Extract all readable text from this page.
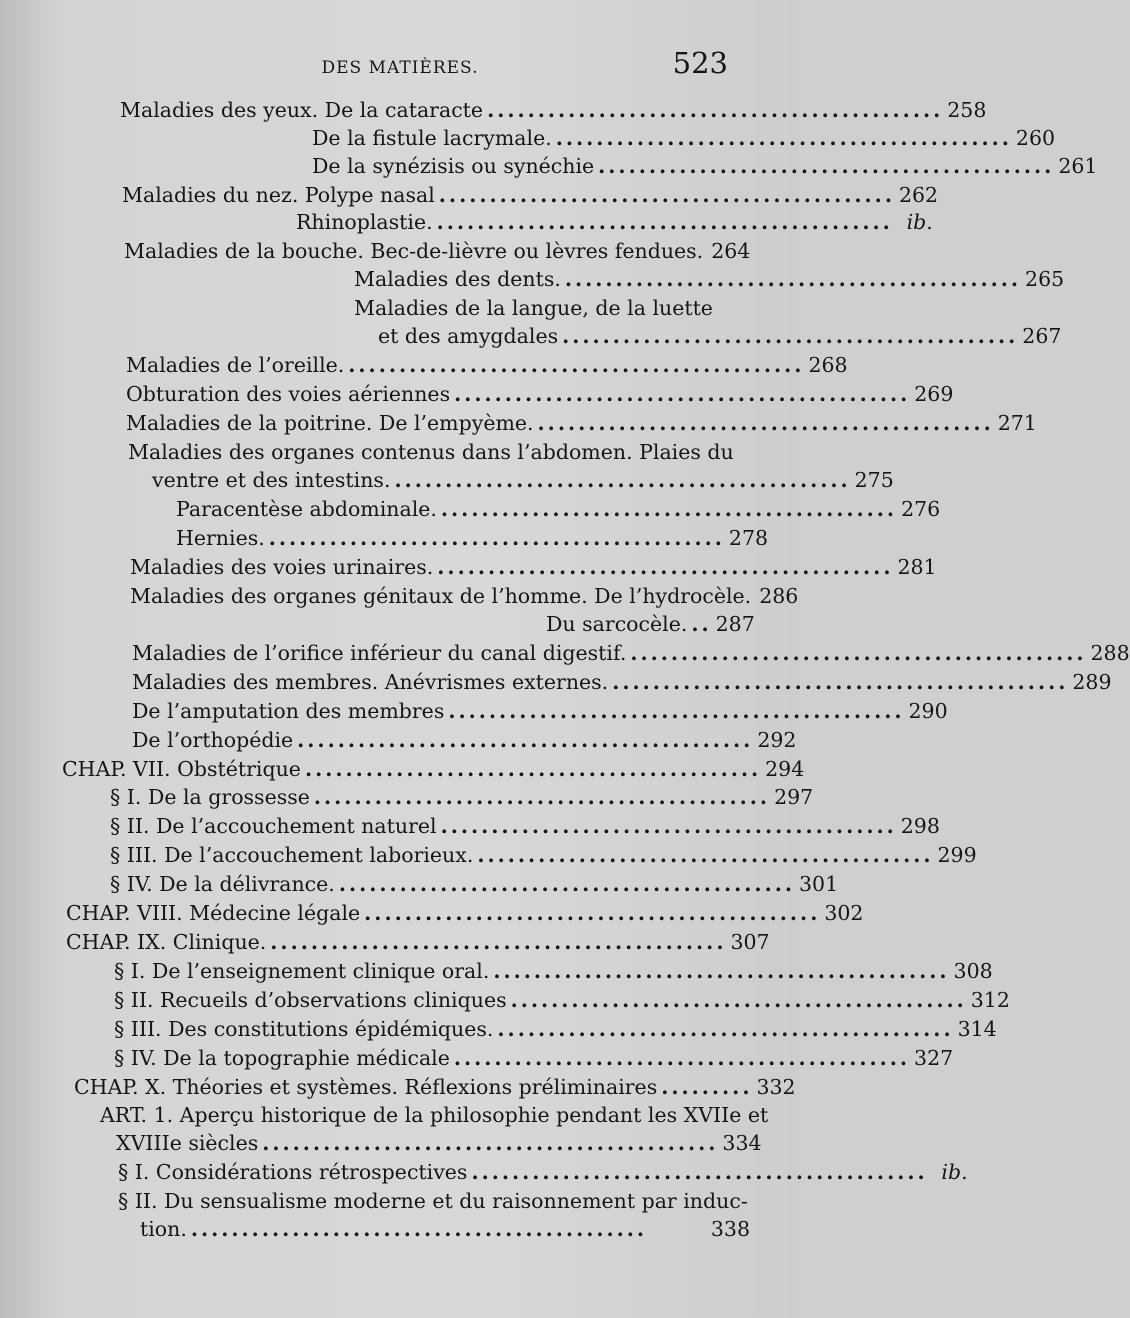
DES MATIÈRES.	523
Maladies des yeux. De la cataracte ............................................. 258
De la fistule lacrymale. ............................................. 260
De la synézisis ou synéchie ............................................. 261
Maladies du nez. Polype nasal ............................................. 262
Rhinoplastie. ............................................. ib.
Maladies de la bouche. Bec-de-lièvre ou lèvres fendues. 264
Maladies des dents. ............................................. 265
Maladies de la langue, de la luette
et des amygdales ............................................. 267
Maladies de l’oreille. ............................................. 268
Obturation des voies aériennes ............................................. 269
Maladies de la poitrine. De l’empyème. ............................................. 271
Maladies des organes contenus dans l’abdomen. Plaies du
ventre et des intestins. ............................................. 275
Paracentèse abdominale. ............................................. 276
Hernies. ............................................. 278
Maladies des voies urinaires. ............................................. 281
Maladies des organes génitaux de l’homme. De l’hydrocèle. 286
Du sarcocèle. .. 287
Maladies de l’orifice inférieur du canal digestif. ............................................. 288
Maladies des membres. Anévrismes externes. ............................................. 289
De l’amputation des membres ............................................. 290
De l’orthopédie ............................................. 292
CHAP. VII. Obstétrique ............................................. 294
§ I. De la grossesse ............................................. 297
§ II. De l’accouchement naturel ............................................. 298
§ III. De l’accouchement laborieux. ............................................. 299
§ IV. De la délivrance. ............................................. 301
CHAP. VIII. Médecine légale ............................................. 302
CHAP. IX. Clinique. ............................................. 307
§ I. De l’enseignement clinique oral. ............................................. 308
§ II. Recueils d’observations cliniques ............................................. 312
§ III. Des constitutions épidémiques. ............................................. 314
§ IV. De la topographie médicale ............................................. 327
CHAP. X. Théories et systèmes. Réflexions préliminaires ......... 332
ART. 1. Aperçu historique de la philosophie pendant les XVIIe et
XVIIIe siècles ............................................. 334
§ I. Considérations rétrospectives ............................................. ib.
§ II. Du sensualisme moderne et du raisonnement par induc-
tion. .............................................	338
